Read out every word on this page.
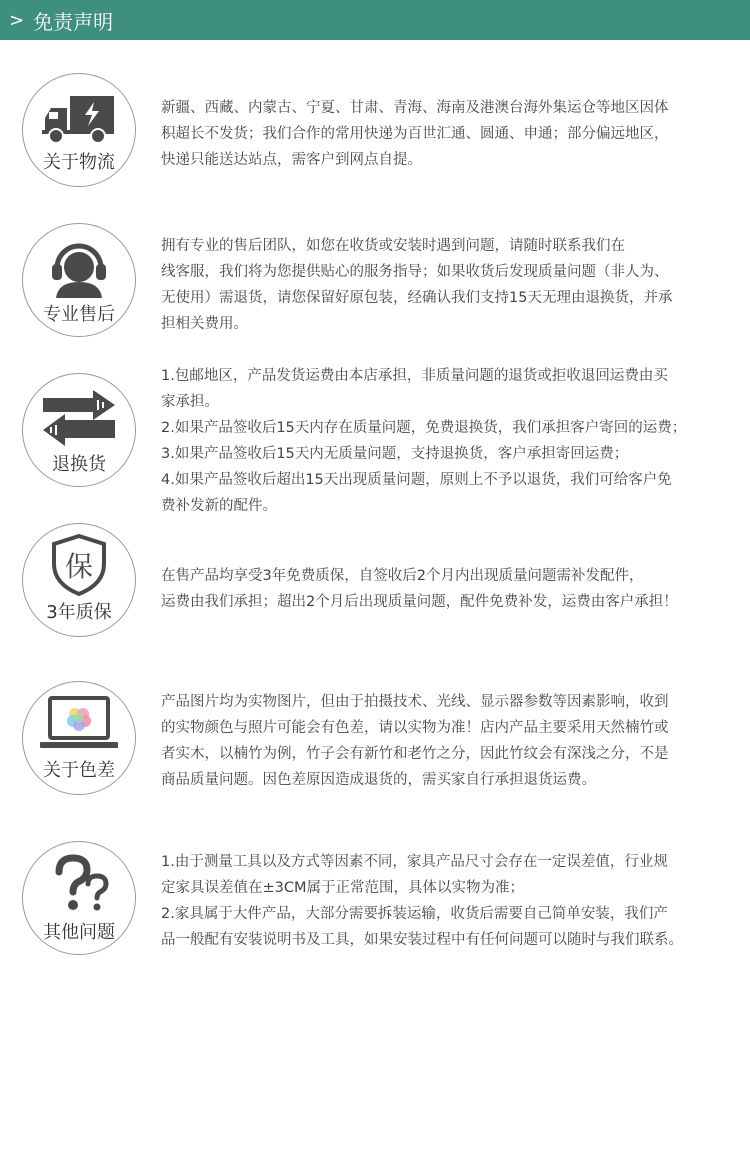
> 免责声明
关于物流

新疆、西藏、内蒙古、宁夏、甘肃、青海、海南及港澳台海外集运仓等地区因体

积超长不发货；我们合作的常用快递为百世汇通、圆通、申通；部分偏远地区，

快递只能送达站点，需客户到网点自提。

专业售后

拥有专业的售后团队，如您在收货或安装时遇到问题，请随时联系我们在

线客服，我们将为您提供贴心的服务指导；如果收货后发现质量问题（非人为、

无使用）需退货，请您保留好原包装，经确认我们支持15天无理由退换货，并承

担相关费用。

退换货

1.包邮地区，产品发货运费由本店承担，非质量问题的退货或拒收退回运费由买

家承担。

2.如果产品签收后15天内存在质量问题，免费退换货，我们承担客户寄回的运费；

3.如果产品签收后15天内无质量问题，支持退换货，客户承担寄回运费；

4.如果产品签收后超出15天出现质量问题，原则上不予以退货，我们可给客户免

费补发新的配件。

保
3年质保

在售产品均享受3年免费质保，自签收后2个月内出现质量问题需补发配件，

运费由我们承担；超出2个月后出现质量问题，配件免费补发，运费由客户承担！

关于色差

产品图片均为实物图片，但由于拍摄技术、光线、显示器参数等因素影响，收到

的实物颜色与照片可能会有色差，请以实物为准！店内产品主要采用天然楠竹或

者实木，以楠竹为例，竹子会有新竹和老竹之分，因此竹纹会有深浅之分，不是

商品质量问题。因色差原因造成退货的，需买家自行承担退货运费。

其他问题

1.由于测量工具以及方式等因素不同，家具产品尺寸会存在一定误差值，行业规

定家具误差值在±3CM属于正常范围，具体以实物为准；

2.家具属于大件产品，大部分需要拆装运输，收货后需要自己简单安装，我们产

品一般配有安装说明书及工具，如果安装过程中有任何问题可以随时与我们联系。
